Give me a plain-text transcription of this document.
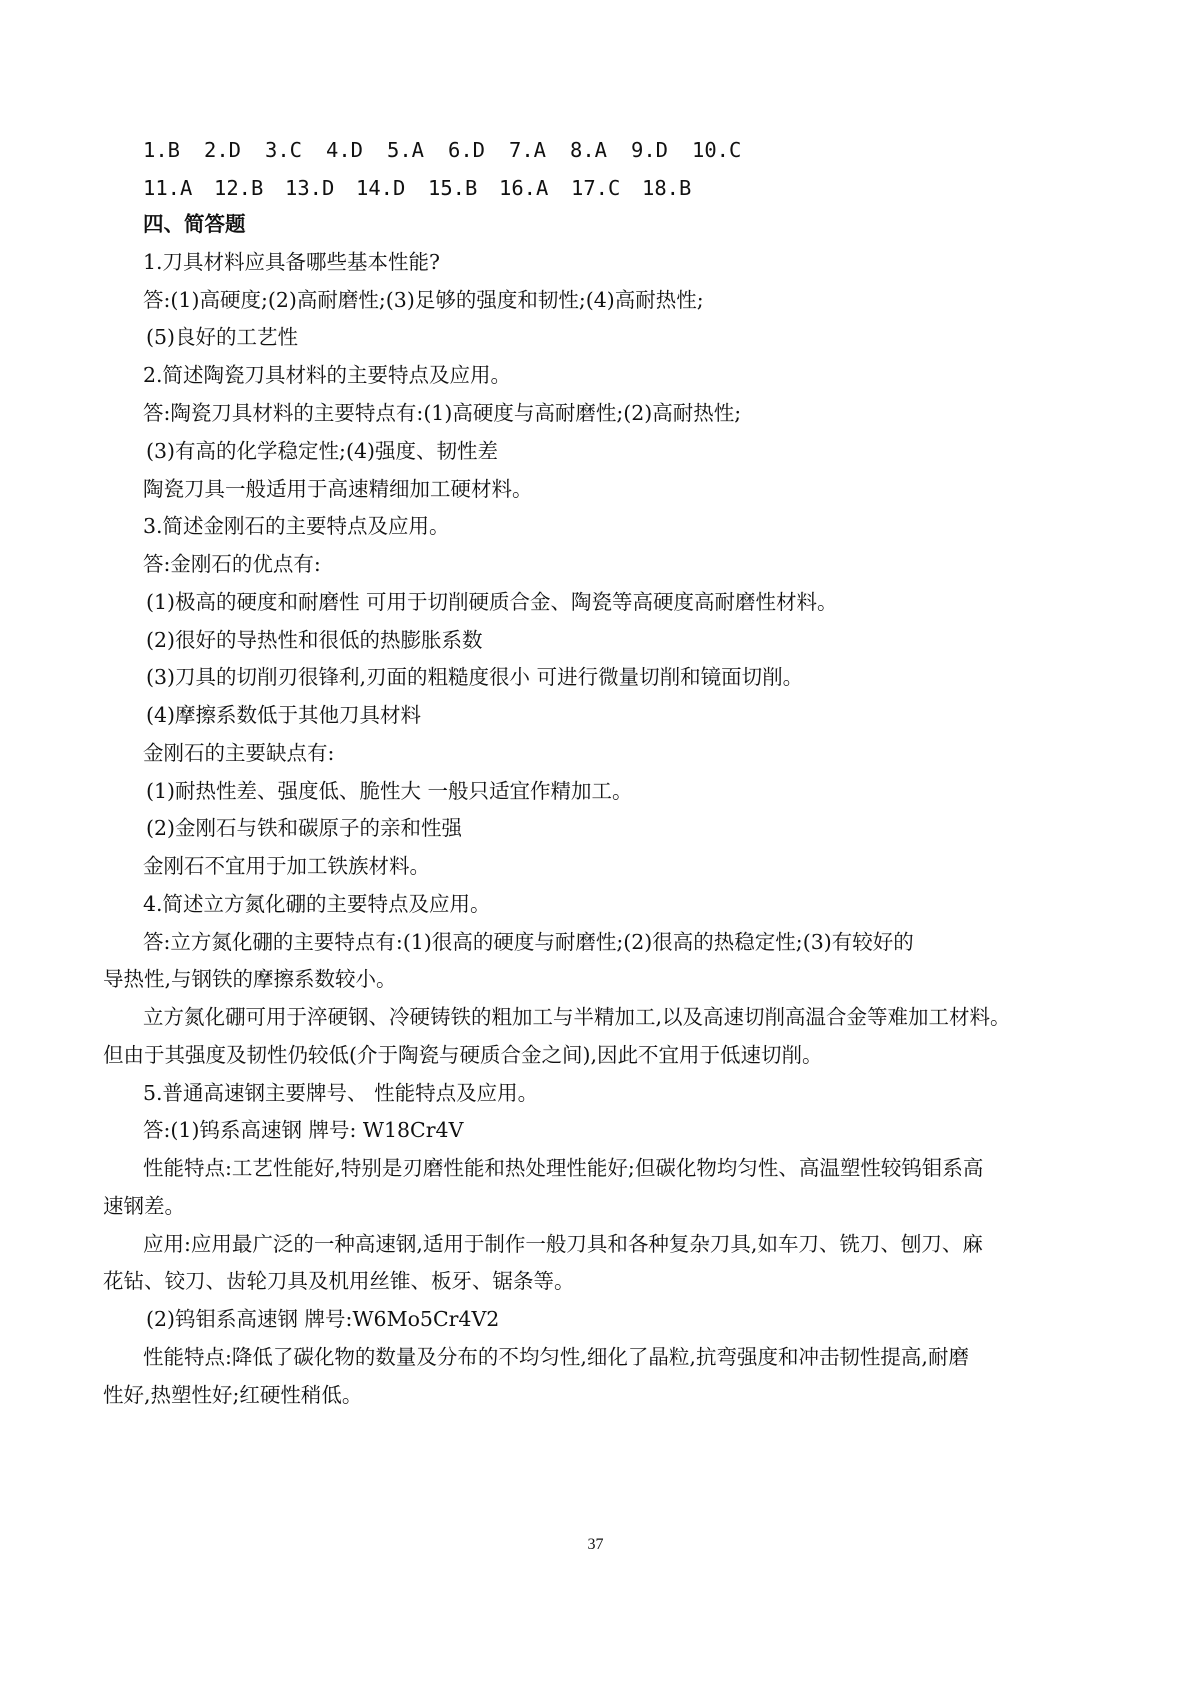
1.B 2.D 3.C 4.D 5.A 6.D 7.A 8.A 9.D 10.C
11.A 12.B 13.D 14.D 15.B 16.A 17.C 18.B
四、简答题
1.刀具材料应具备哪些基本性能?
答:(1)高硬度;(2)高耐磨性;(3)足够的强度和韧性;(4)高耐热性;
(5)良好的工艺性
2.简述陶瓷刀具材料的主要特点及应用。
答:陶瓷刀具材料的主要特点有:(1)高硬度与高耐磨性;(2)高耐热性;
(3)有高的化学稳定性;(4)强度、韧性差
陶瓷刀具一般适用于高速精细加工硬材料。
3.简述金刚石的主要特点及应用。
答:金刚石的优点有:
(1)极高的硬度和耐磨性 可用于切削硬质合金、陶瓷等高硬度高耐磨性材料。
(2)很好的导热性和很低的热膨胀系数
(3)刀具的切削刃很锋利,刃面的粗糙度很小 可进行微量切削和镜面切削。
(4)摩擦系数低于其他刀具材料
金刚石的主要缺点有:
(1)耐热性差、强度低、脆性大 一般只适宜作精加工。
(2)金刚石与铁和碳原子的亲和性强
金刚石不宜用于加工铁族材料。
4.简述立方氮化硼的主要特点及应用。
答:立方氮化硼的主要特点有:(1)很高的硬度与耐磨性;(2)很高的热稳定性;(3)有较好的
导热性,与钢铁的摩擦系数较小。
立方氮化硼可用于淬硬钢、冷硬铸铁的粗加工与半精加工,以及高速切削高温合金等难加工材料。
但由于其强度及韧性仍较低(介于陶瓷与硬质合金之间),因此不宜用于低速切削。
5.普通高速钢主要牌号、 性能特点及应用。
答:(1)钨系高速钢 牌号: W18Cr4V
性能特点:工艺性能好,特别是刃磨性能和热处理性能好;但碳化物均匀性、高温塑性较钨钼系高
速钢差。
应用:应用最广泛的一种高速钢,适用于制作一般刀具和各种复杂刀具,如车刀、铣刀、刨刀、麻
花钻、铰刀、齿轮刀具及机用丝锥、板牙、锯条等。
(2)钨钼系高速钢 牌号:W6Mo5Cr4V2
性能特点:降低了碳化物的数量及分布的不均匀性,细化了晶粒,抗弯强度和冲击韧性提高,耐磨
性好,热塑性好;红硬性稍低。
37
